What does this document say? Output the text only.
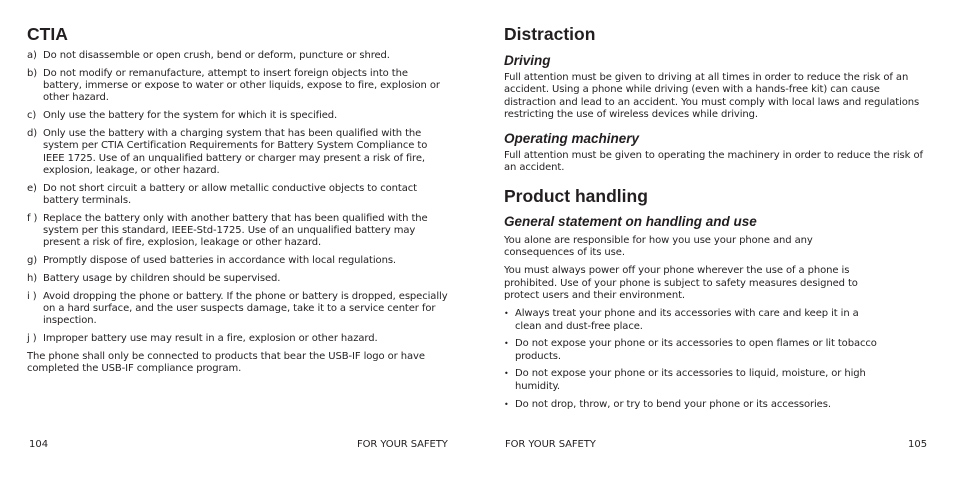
CTIA
a) Do not disassemble or open crush, bend or deform, puncture or shred.
b) Do not modify or remanufacture, attempt to insert foreign objects into the battery, immerse or expose to water or other liquids, expose to fire, explosion or other hazard.
c) Only use the battery for the system for which it is specified.
d) Only use the battery with a charging system that has been qualified with the system per CTIA Certification Requirements for Battery System Compliance to IEEE 1725. Use of an unqualified battery or charger may present a risk of fire, explosion, leakage, or other hazard.
e) Do not short circuit a battery or allow metallic conductive objects to contact battery terminals.
f ) Replace the battery only with another battery that has been qualified with the system per this standard, IEEE-Std-1725. Use of an unqualified battery may present a risk of fire, explosion, leakage or other hazard.
g) Promptly dispose of used batteries in accordance with local regulations.
h) Battery usage by children should be supervised.
i ) Avoid dropping the phone or battery. If the phone or battery is dropped, especially on a hard surface, and the user suspects damage, take it to a service center for inspection.
j ) Improper battery use may result in a fire, explosion or other hazard.

The phone shall only be connected to products that bear the USB-IF logo or have completed the USB-IF compliance program.

104	FOR YOUR SAFETY
Distraction
Driving

Full attention must be given to driving at all times in order to reduce the risk of an accident. Using a phone while driving (even with a hands-free kit) can cause distraction and lead to an accident. You must comply with local laws and regulations restricting the use of wireless devices while driving.

Operating machinery

Full attention must be given to operating the machinery in order to reduce the risk of an accident.

Product handling
General statement on handling and use

You alone are responsible for how you use your phone and any consequences of its use.

You must always power off your phone wherever the use of a phone is prohibited. Use of your phone is subject to safety measures designed to protect users and their environment.

• Always treat your phone and its accessories with care and keep it in a clean and dust-free place.
• Do not expose your phone or its accessories to open flames or lit tobacco products.
• Do not expose your phone or its accessories to liquid, moisture, or high humidity.
• Do not drop, throw, or try to bend your phone or its accessories.
FOR YOUR SAFETY	105
